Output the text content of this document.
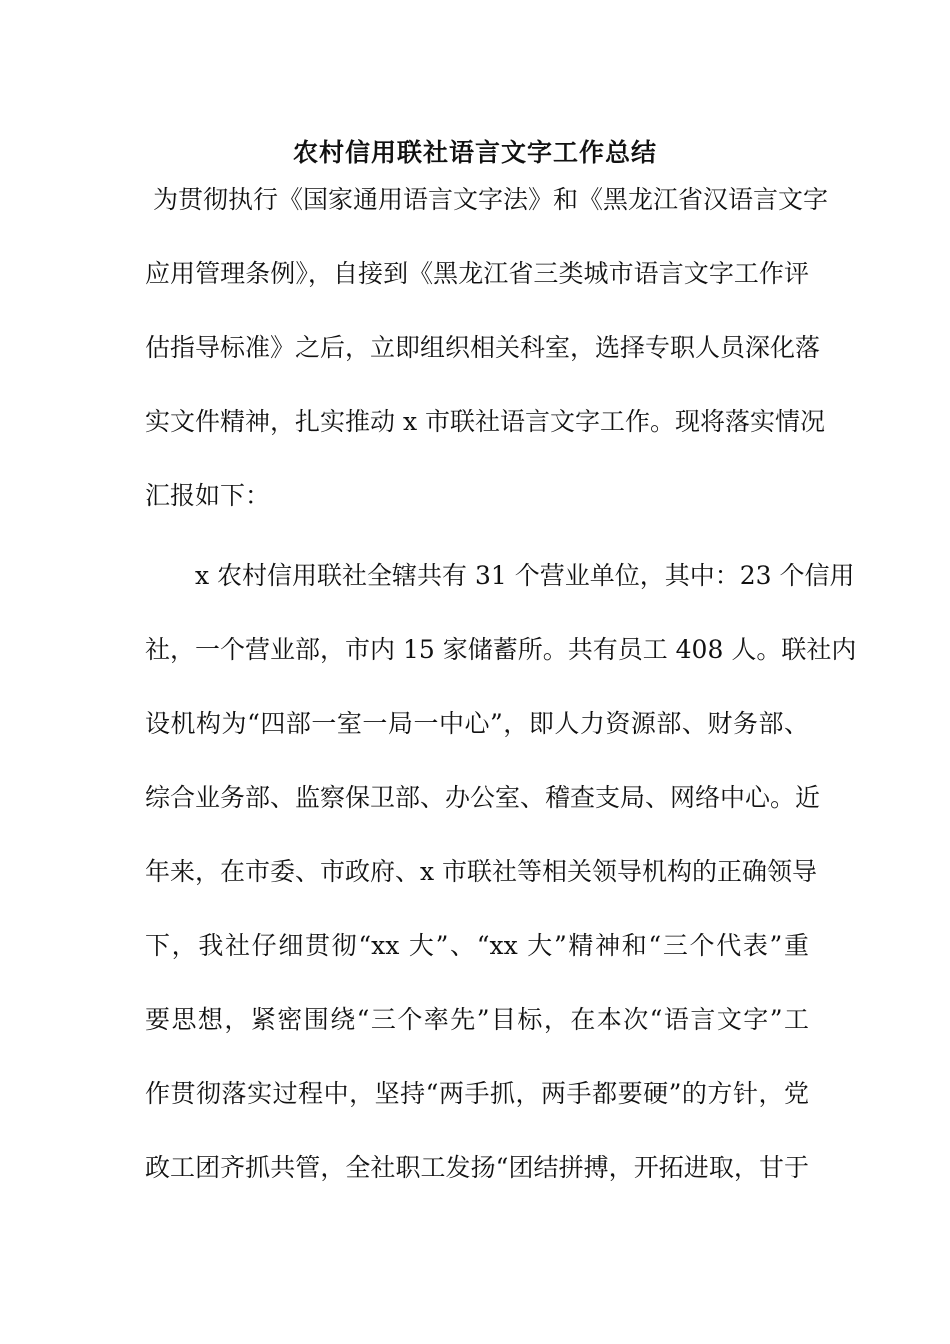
农村信用联社语言文字工作总结
为贯彻执行《国家通用语言文字法》和《黑龙江省汉语言文字
应用管理条例》，自接到《黑龙江省三类城市语言文字工作评
估指导标准》之后，立即组织相关科室，选择专职人员深化落
实文件精神，扎实推动 x 市联社语言文字工作。现将落实情况
汇报如下：
x 农村信用联社全辖共有 31 个营业单位，其中：23 个信用
社，一个营业部，市内 15 家储蓄所。共有员工 408 人。联社内
设机构为“四部一室一局一中心”，即人力资源部、财务部、
综合业务部、监察保卫部、办公室、稽查支局、网络中心。近
年来，在市委、市政府、x 市联社等相关领导机构的正确领导
下，我社仔细贯彻“xx 大”、“xx 大”精神和“三个代表”重
要思想，紧密围绕“三个率先”目标，在本次“语言文字”工
作贯彻落实过程中，坚持“两手抓，两手都要硬”的方针，党
政工团齐抓共管，全社职工发扬“团结拼搏，开拓进取，甘于
